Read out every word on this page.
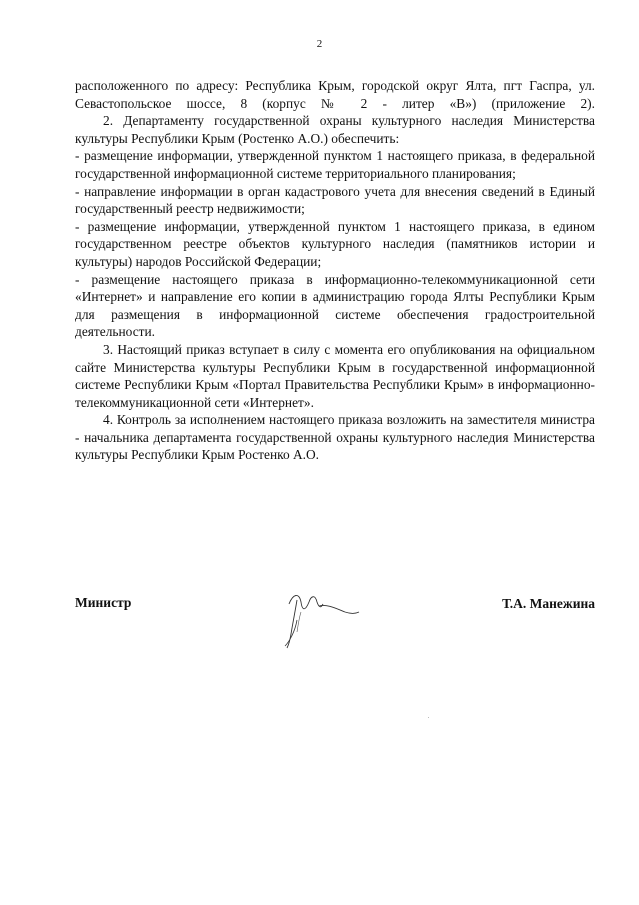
2

расположенного по адресу: Республика Крым, городской округ Ялта, пгт Гаспра, ул. Севастопольское шоссе, 8 (корпус № 2 - литер «В») (приложение 2).

2. Департаменту государственной охраны культурного наследия Министерства культуры Республики Крым (Ростенко А.О.) обеспечить:

- размещение информации, утвержденной пунктом 1 настоящего приказа, в федеральной государственной информационной системе территориального планирования;

- направление информации в орган кадастрового учета для внесения сведений в Единый государственный реестр недвижимости;

- размещение информации, утвержденной пунктом 1 настоящего приказа, в едином государственном реестре объектов культурного наследия (памятников истории и культуры) народов Российской Федерации;

- размещение настоящего приказа в информационно-телекоммуникационной сети «Интернет» и направление его копии в администрацию города Ялты Республики Крым для размещения в информационной системе обеспечения градостроительной деятельности.

3. Настоящий приказ вступает в силу с момента его опубликования на официальном сайте Министерства культуры Республики Крым в государственной информационной системе Республики Крым «Портал Правительства Республики Крым» в информационно-телекоммуникационной сети «Интернет».

4. Контроль за исполнением настоящего приказа возложить на заместителя министра - начальника департамента государственной охраны культурного наследия Министерства культуры Республики Крым Ростенко А.О.

Министр	Т.А. Манежина
